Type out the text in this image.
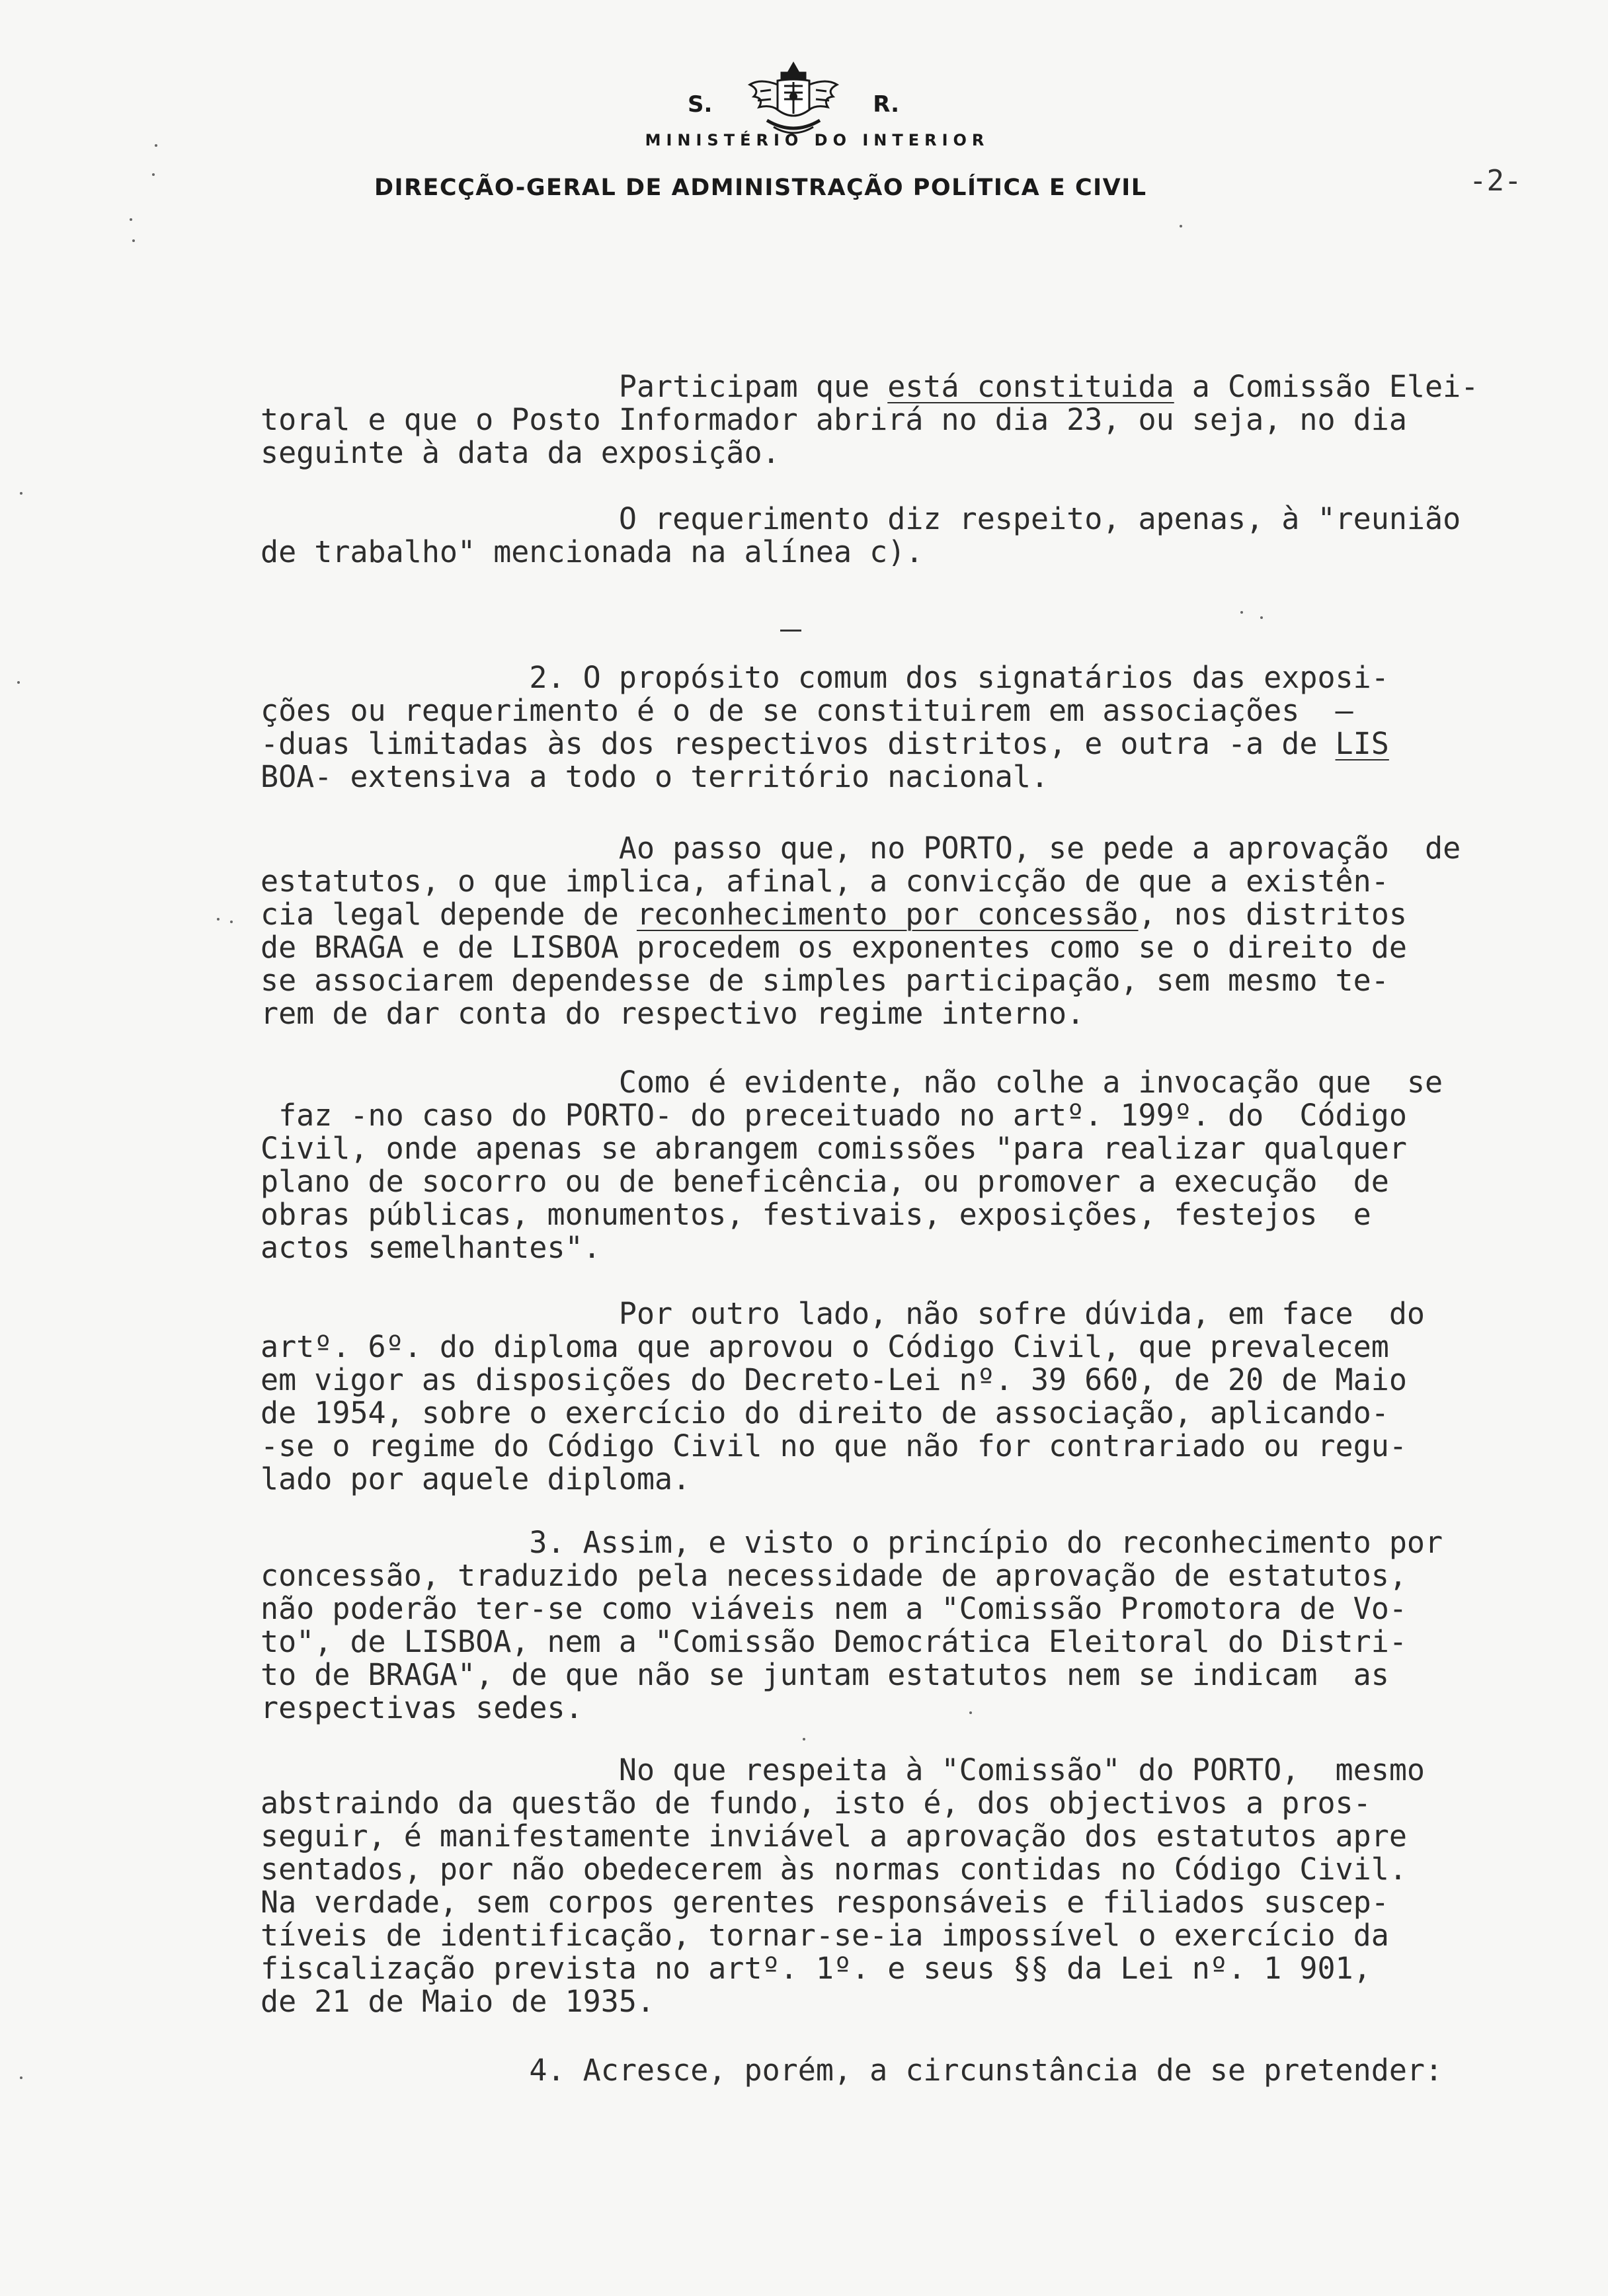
S.	R.
MINISTÉRIO DO INTERIOR
DIRECÇÃO-GERAL DE ADMINISTRAÇÃO POLÍTICA E CIVIL	-2-
Participam que está constituida a Comissão Elei-
toral e que o Posto Informador abrirá no dia 23, ou seja, no dia
seguinte à data da exposição.
O requerimento diz respeito, apenas, à "reunião
de trabalho" mencionada na alínea c).
2. O propósito comum dos signatários das exposi-
ções ou requerimento é o de se constituirem em associações  —
-duas limitadas às dos respectivos distritos, e outra -a de LIS
BOA- extensiva a todo o território nacional.
Ao passo que, no PORTO, se pede a aprovação  de
estatutos, o que implica, afinal, a convicção de que a existên-
cia legal depende de reconhecimento por concessão, nos distritos
de BRAGA e de LISBOA procedem os exponentes como se o direito de
se associarem dependesse de simples participação, sem mesmo te-
rem de dar conta do respectivo regime interno.
Como é evidente, não colhe a invocação que  se
faz -no caso do PORTO- do preceituado no artº. 199º. do  Código
Civil, onde apenas se abrangem comissões "para realizar qualquer
plano de socorro ou de beneficência, ou promover a execução  de
obras públicas, monumentos, festivais, exposições, festejos  e
actos semelhantes".
Por outro lado, não sofre dúvida, em face  do
artº. 6º. do diploma que aprovou o Código Civil, que prevalecem
em vigor as disposições do Decreto-Lei nº. 39 660, de 20 de Maio
de 1954, sobre o exercício do direito de associação, aplicando-
-se o regime do Código Civil no que não for contrariado ou regu-
lado por aquele diploma.
3. Assim, e visto o princípio do reconhecimento por
concessão, traduzido pela necessidade de aprovação de estatutos,
não poderão ter-se como viáveis nem a "Comissão Promotora de Vo-
to", de LISBOA, nem a "Comissão Democrática Eleitoral do Distri-
to de BRAGA", de que não se juntam estatutos nem se indicam  as
respectivas sedes.
No que respeita à "Comissão" do PORTO,  mesmo
abstraindo da questão de fundo, isto é, dos objectivos a pros-
seguir, é manifestamente inviável a aprovação dos estatutos apre
sentados, por não obedecerem às normas contidas no Código Civil.
Na verdade, sem corpos gerentes responsáveis e filiados suscep-
tíveis de identificação, tornar-se-ia impossível o exercício da
fiscalização prevista no artº. 1º. e seus §§ da Lei nº. 1 901,
de 21 de Maio de 1935.
4. Acresce, porém, a circunstância de se pretender:
